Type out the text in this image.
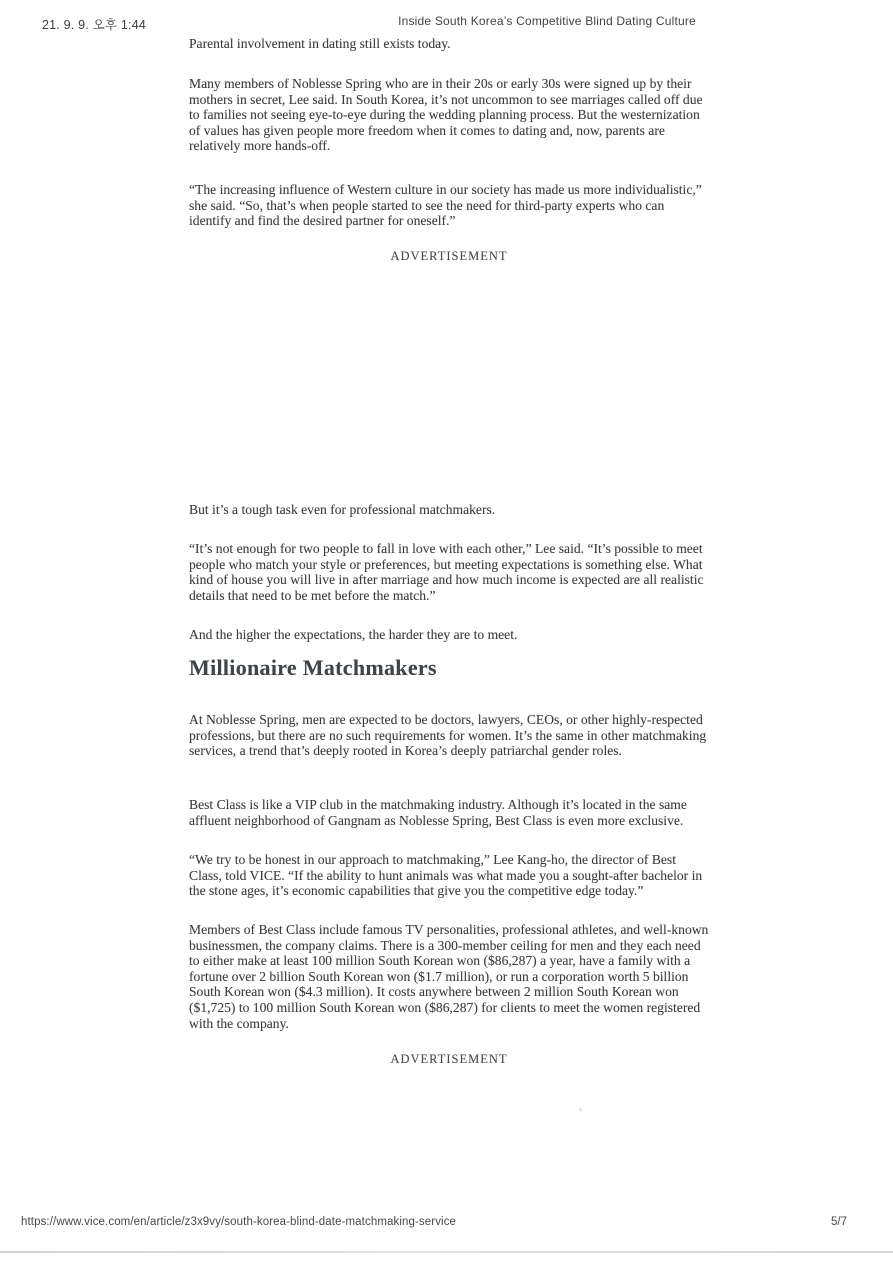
21. 9. 9. 오후 1:44	Inside South Korea’s Competitive Blind Dating Culture

Parental involvement in dating still exists today.

Many members of Noblesse Spring who are in their 20s or early 30s were signed up by their mothers in secret, Lee said. In South Korea, it’s not uncommon to see marriages called off due to families not seeing eye-to-eye during the wedding planning process. But the westernization of values has given people more freedom when it comes to dating and, now, parents are relatively more hands-off.

“The increasing influence of Western culture in our society has made us more individualistic,” she said. “So, that’s when people started to see the need for third-party experts who can identify and find the desired partner for oneself.”

ADVERTISEMENT

But it’s a tough task even for professional matchmakers.

“It’s not enough for two people to fall in love with each other,” Lee said. “It’s possible to meet people who match your style or preferences, but meeting expectations is something else. What kind of house you will live in after marriage and how much income is expected are all realistic details that need to be met before the match.”

And the higher the expectations, the harder they are to meet.

Millionaire Matchmakers

At Noblesse Spring, men are expected to be doctors, lawyers, CEOs, or other highly-respected professions, but there are no such requirements for women. It’s the same in other matchmaking services, a trend that’s deeply rooted in Korea’s deeply patriarchal gender roles.

Best Class is like a VIP club in the matchmaking industry. Although it’s located in the same affluent neighborhood of Gangnam as Noblesse Spring, Best Class is even more exclusive.

“We try to be honest in our approach to matchmaking,” Lee Kang-ho, the director of Best Class, told VICE. “If the ability to hunt animals was what made you a sought-after bachelor in the stone ages, it’s economic capabilities that give you the competitive edge today.”

Members of Best Class include famous TV personalities, professional athletes, and well-known businessmen, the company claims. There is a 300-member ceiling for men and they each need to either make at least 100 million South Korean won ($86,287) a year, have a family with a fortune over 2 billion South Korean won ($1.7 million), or run a corporation worth 5 billion South Korean won ($4.3 million). It costs anywhere between 2 million South Korean won ($1,725) to 100 million South Korean won ($86,287) for clients to meet the women registered with the company.

ADVERTISEMENT
https://www.vice.com/en/article/z3x9vy/south-korea-blind-date-matchmaking-service	5/7
